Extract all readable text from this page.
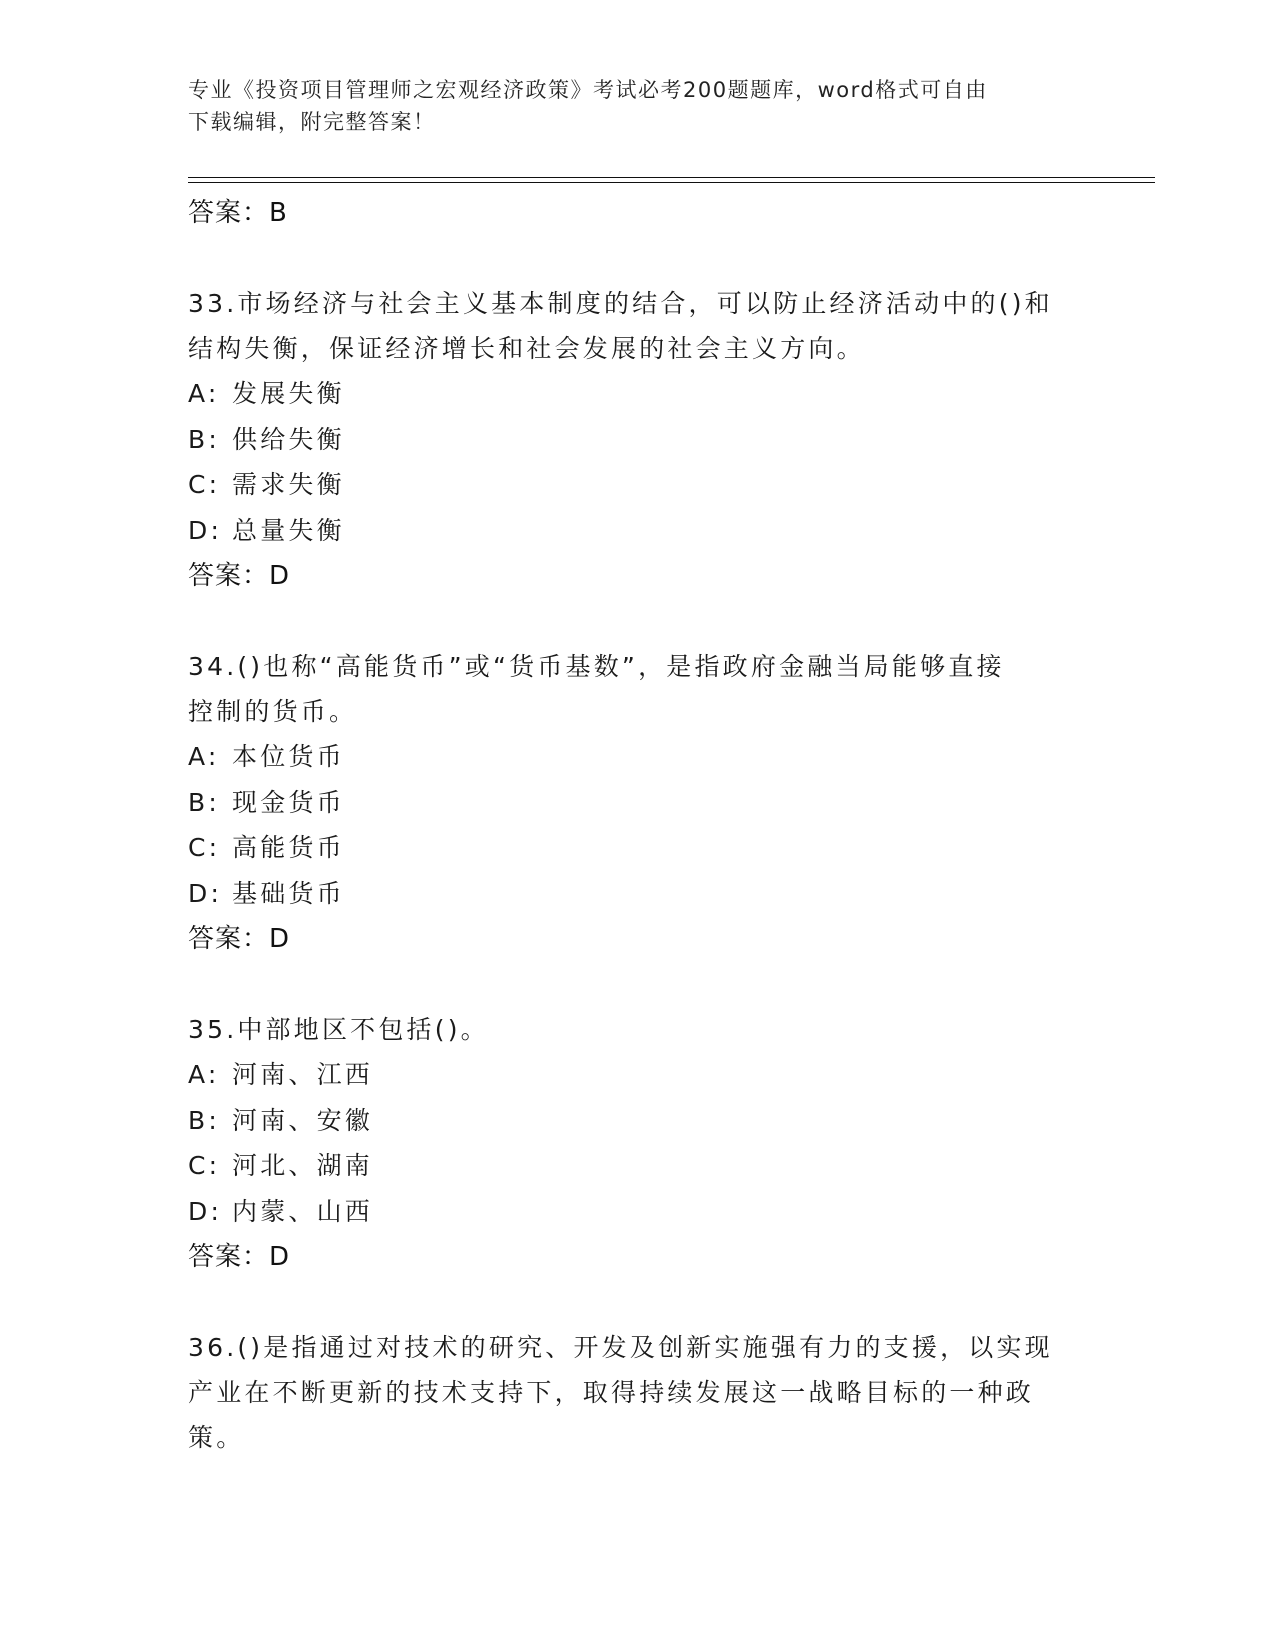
专业《投资项目管理师之宏观经济政策》考试必考200题题库，word格式可自由
下载编辑，附完整答案！
答案：B
33.市场经济与社会主义基本制度的结合，可以防止经济活动中的()和
结构失衡，保证经济增长和社会发展的社会主义方向。
A: 发展失衡
B: 供给失衡
C: 需求失衡
D: 总量失衡
答案：D
34.()也称“高能货币”或“货币基数”，是指政府金融当局能够直接
控制的货币。
A: 本位货币
B: 现金货币
C: 高能货币
D: 基础货币
答案：D
35.中部地区不包括()。
A: 河南、江西
B: 河南、安徽
C: 河北、湖南
D: 内蒙、山西
答案：D
36.()是指通过对技术的研究、开发及创新实施强有力的支援，以实现
产业在不断更新的技术支持下，取得持续发展这一战略目标的一种政
策。
